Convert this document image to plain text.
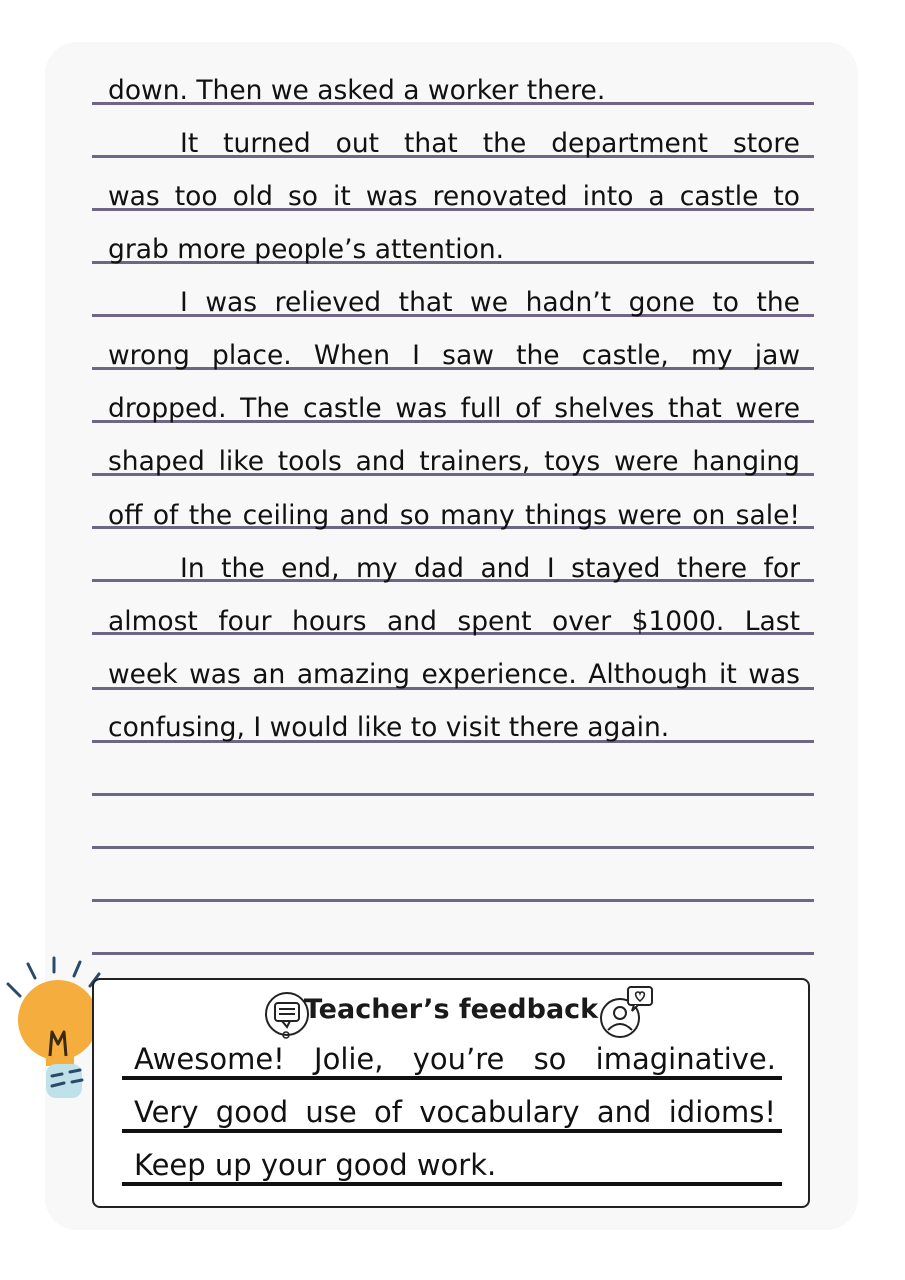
down. Then we asked a worker there.
It turned out that the department store
was too old so it was renovated into a castle to
grab more people’s attention.
I was relieved that we hadn’t gone to the
wrong place. When I saw the castle, my jaw
dropped. The castle was full of shelves that were
shaped like tools and trainers, toys were hanging
off of the ceiling and so many things were on sale!
In the end, my dad and I stayed there for
almost four hours and spent over $1000. Last
week was an amazing experience. Although it was
confusing, I would like to visit there again.
Teacher’s feedback
Awesome! Jolie, you’re so imaginative.
Very good use of vocabulary and idioms!
Keep up your good work.
